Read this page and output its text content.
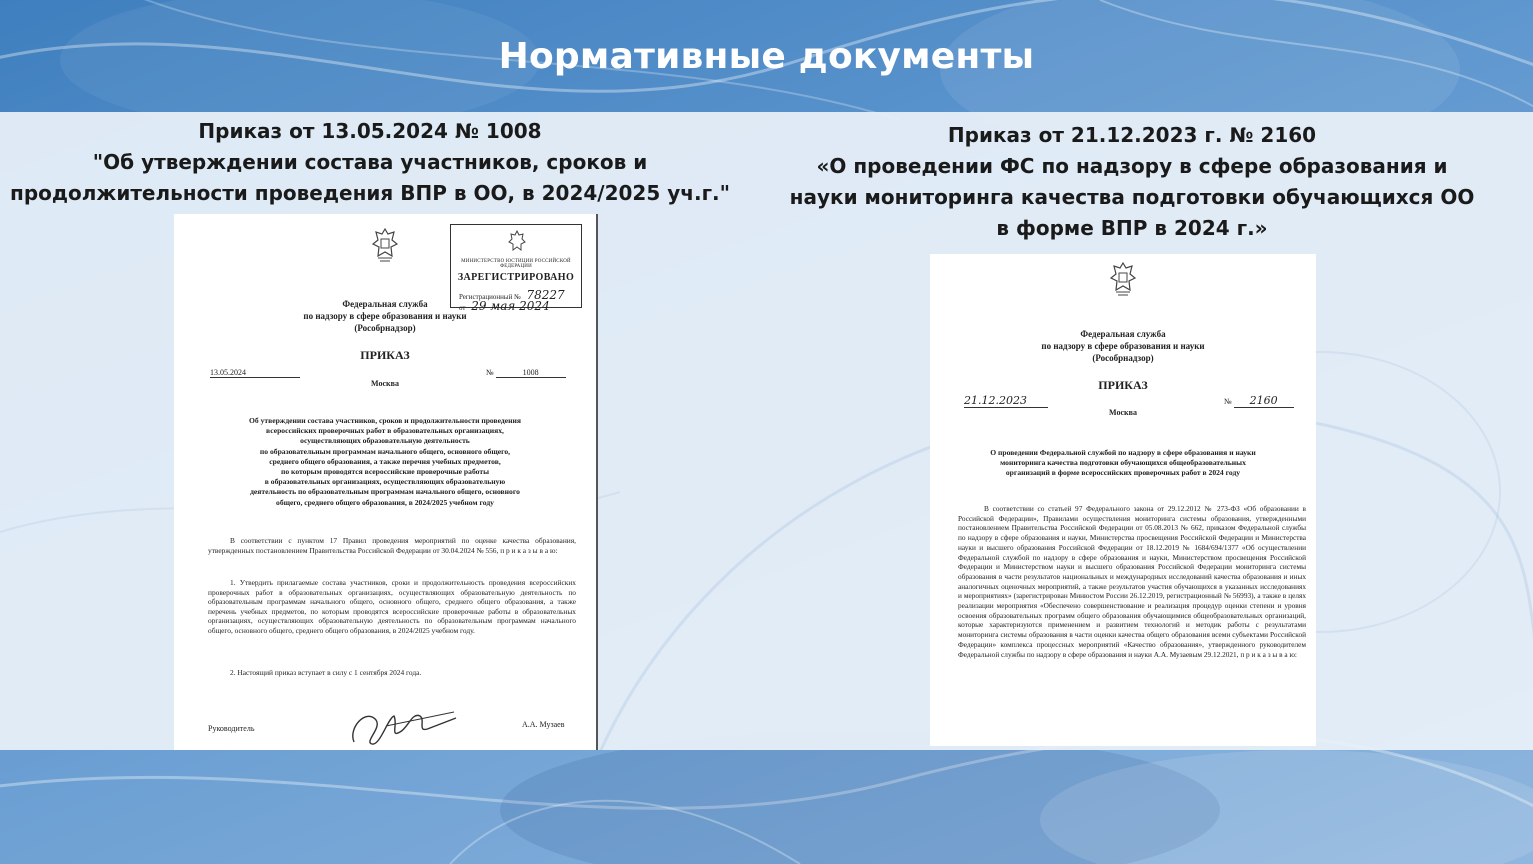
Нормативные документы
Приказ от 13.05.2024 № 1008
"Об утверждении состава участников, сроков и
продолжительности проведения ВПР в ОО, в 2024/2025 уч.г."
Приказ от 21.12.2023 г. № 2160
«О проведении ФС по надзору в сфере образования и
науки мониторинга качества подготовки обучающихся ОО
в форме ВПР в 2024 г.»
МИНИСТЕРСТВО ЮСТИЦИИ РОССИЙСКОЙ ФЕДЕРАЦИИ
ЗАРЕГИСТРИРОВАНО
Регистрационный № 78227
от 29 мая 2024
Федеральная служба
по надзору в сфере образования и науки
(Рособрнадзор)
ПРИКАЗ
13.05.2024	№	1008
Москва
Об утверждении состава участников, сроков и продолжительности проведения
всероссийских проверочных работ в образовательных организациях,
осуществляющих образовательную деятельность
по образовательным программам начального общего, основного общего,
среднего общего образования, а также перечня учебных предметов,
по которым проводятся всероссийские проверочные работы
в образовательных организациях, осуществляющих образовательную
деятельность по образовательным программам начального общего, основного
общего, среднего общего образования, в 2024/2025 учебном году
В соответствии с пунктом 17 Правил проведения мероприятий по оценке качества образования, утвержденных постановлением Правительства Российской Федерации от 30.04.2024 № 556, п р и к а з ы в а ю:
1. Утвердить прилагаемые состава участников, сроки и продолжительность проведения всероссийских проверочных работ в образовательных организациях, осуществляющих образовательную деятельность по образовательным программам начального общего, основного общего, среднего общего образования, а также перечень учебных предметов, по которым проводятся всероссийские проверочные работы в образовательных организациях, осуществляющих образовательную деятельность по образовательным программам начального общего, основного общего, среднего общего образования, в 2024/2025 учебном году.
2. Настоящий приказ вступает в силу с 1 сентября 2024 года.
Руководитель	А.А. Музаев
Федеральная служба
по надзору в сфере образования и науки
(Рособрнадзор)
ПРИКАЗ
21.12.2023	№ 2160
Москва
О проведении Федеральной службой по надзору в сфере образования и науки
мониторинга качества подготовки обучающихся общеобразовательных
организаций в форме всероссийских проверочных работ в 2024 году
В соответствии со статьей 97 Федерального закона от 29.12.2012 № 273-ФЗ «Об образовании в Российской Федерации», Правилами осуществления мониторинга системы образования, утвержденными постановлением Правительства Российской Федерации от 05.08.2013 № 662, приказом Федеральной службы по надзору в сфере образования и науки, Министерства просвещения Российской Федерации и Министерства науки и высшего образования Российской Федерации от 18.12.2019 № 1684/694/1377 «Об осуществлении Федеральной службой по надзору в сфере образования и науки, Министерством просвещения Российской Федерации и Министерством науки и высшего образования Российской Федерации мониторинга системы образования в части результатов национальных и международных исследований качества образования и иных аналогичных оценочных мероприятий, а также результатов участия обучающихся в указанных исследованиях и мероприятиях» (зарегистрирован Минюстом России 26.12.2019, регистрационный № 56993), а также в целях реализации мероприятия «Обеспечено совершенствование и реализация процедур оценки степени и уровня освоения образовательных программ общего образования обучающимися общеобразовательных организаций, которые характеризуются применением и развитием технологий и методик работы с результатами мониторинга системы образования в части оценки качества общего образования всеми субъектами Российской Федерации» комплекса процессных мероприятий «Качество образования», утвержденного руководителем Федеральной службы по надзору в сфере образования и науки А.А. Музаевым 29.12.2021, п р и к а з ы в а ю:
